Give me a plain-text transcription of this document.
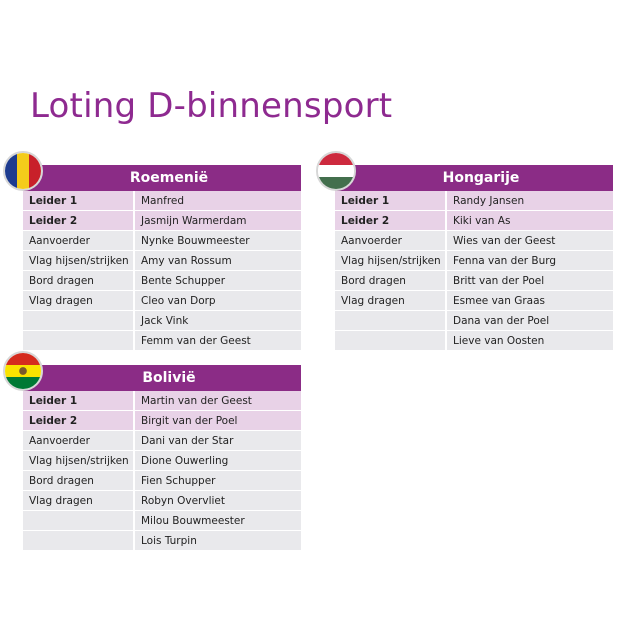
Loting D-binnensport
Roemenië
Leider 1	Manfred
Leider 2	Jasmijn Warmerdam
Aanvoerder	Nynke Bouwmeester
Vlag hijsen/strijken	Amy van Rossum
Bord dragen	Bente Schupper
Vlag dragen	Cleo van Dorp
	Jack Vink
	Femm van der Geest
Hongarije
Leider 1	Randy Jansen
Leider 2	Kiki van As
Aanvoerder	Wies van der Geest
Vlag hijsen/strijken	Fenna van der Burg
Bord dragen	Britt van der Poel
Vlag dragen	Esmee van Graas
	Dana van der Poel
	Lieve van Oosten
Bolivië
Leider 1	Martin van der Geest
Leider 2	Birgit van der Poel
Aanvoerder	Dani van der Star
Vlag hijsen/strijken	Dione Ouwerling
Bord dragen	Fien Schupper
Vlag dragen	Robyn Overvliet
	Milou Bouwmeester
	Lois Turpin
